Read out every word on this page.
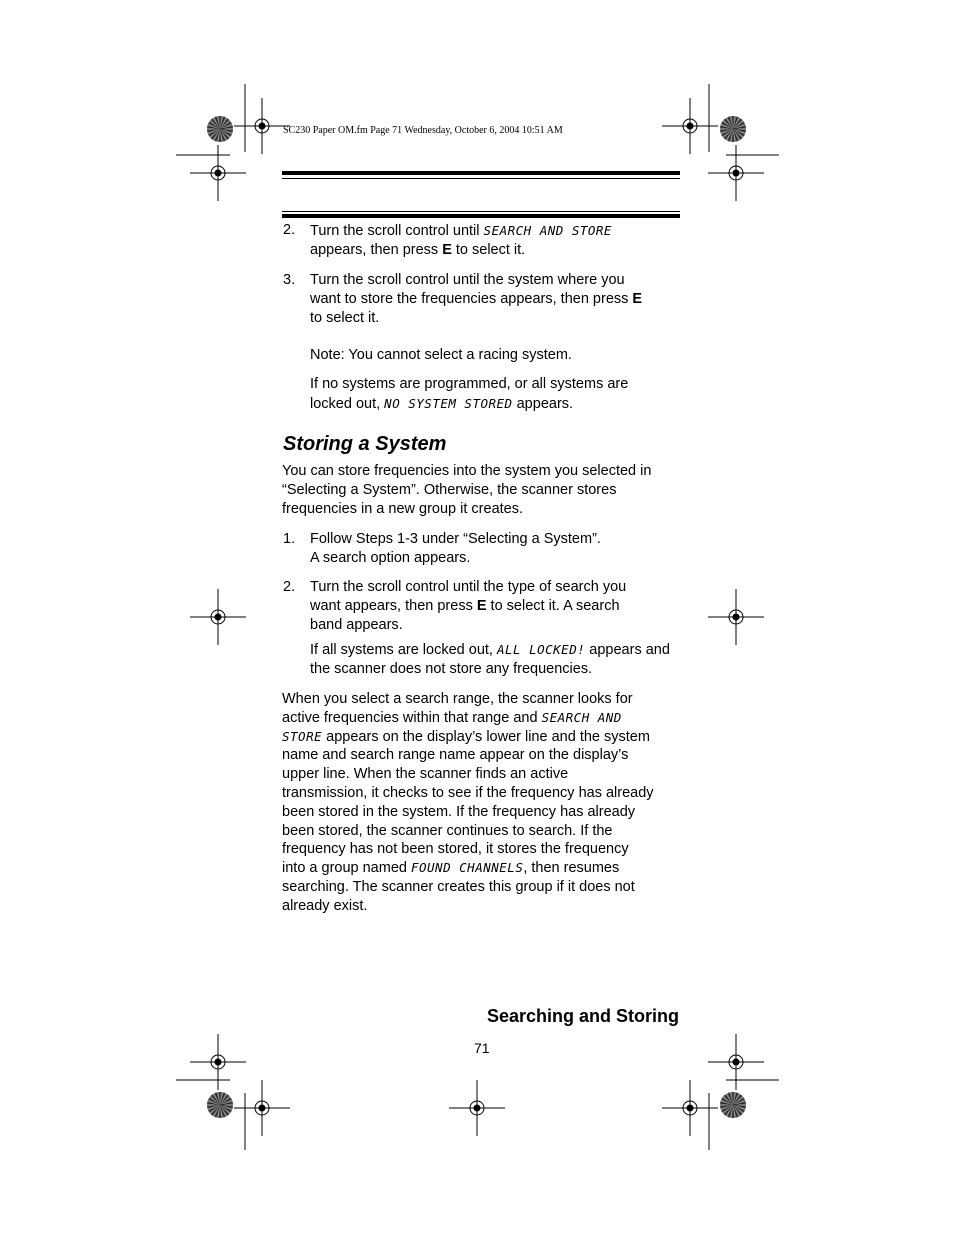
SC230 Paper OM.fm Page 71 Wednesday, October 6, 2004 10:51 AM
2. Turn the scroll control until SEARCH AND STORE
appears, then press E to select it.
3. Turn the scroll control until the system where you
want to store the frequencies appears, then press E
to select it.
Note: You cannot select a racing system.
If no systems are programmed, or all systems are
locked out, NO SYSTEM STORED appears.
Storing a System
You can store frequencies into the system you selected in
“Selecting a System”. Otherwise, the scanner stores
frequencies in a new group it creates.
1. Follow Steps 1-3 under “Selecting a System”.
A search option appears.
2. Turn the scroll control until the type of search you
want appears, then press E to select it. A search
band appears.
If all systems are locked out, ALL LOCKED! appears and
the scanner does not store any frequencies.
When you select a search range, the scanner looks for
active frequencies within that range and SEARCH AND
STORE appears on the display’s lower line and the system
name and search range name appear on the display’s
upper line. When the scanner finds an active
transmission, it checks to see if the frequency has already
been stored in the system. If the frequency has already
been stored, the scanner continues to search. If the
frequency has not been stored, it stores the frequency
into a group named FOUND CHANNELS, then resumes
searching. The scanner creates this group if it does not
already exist.
Searching and Storing
71
